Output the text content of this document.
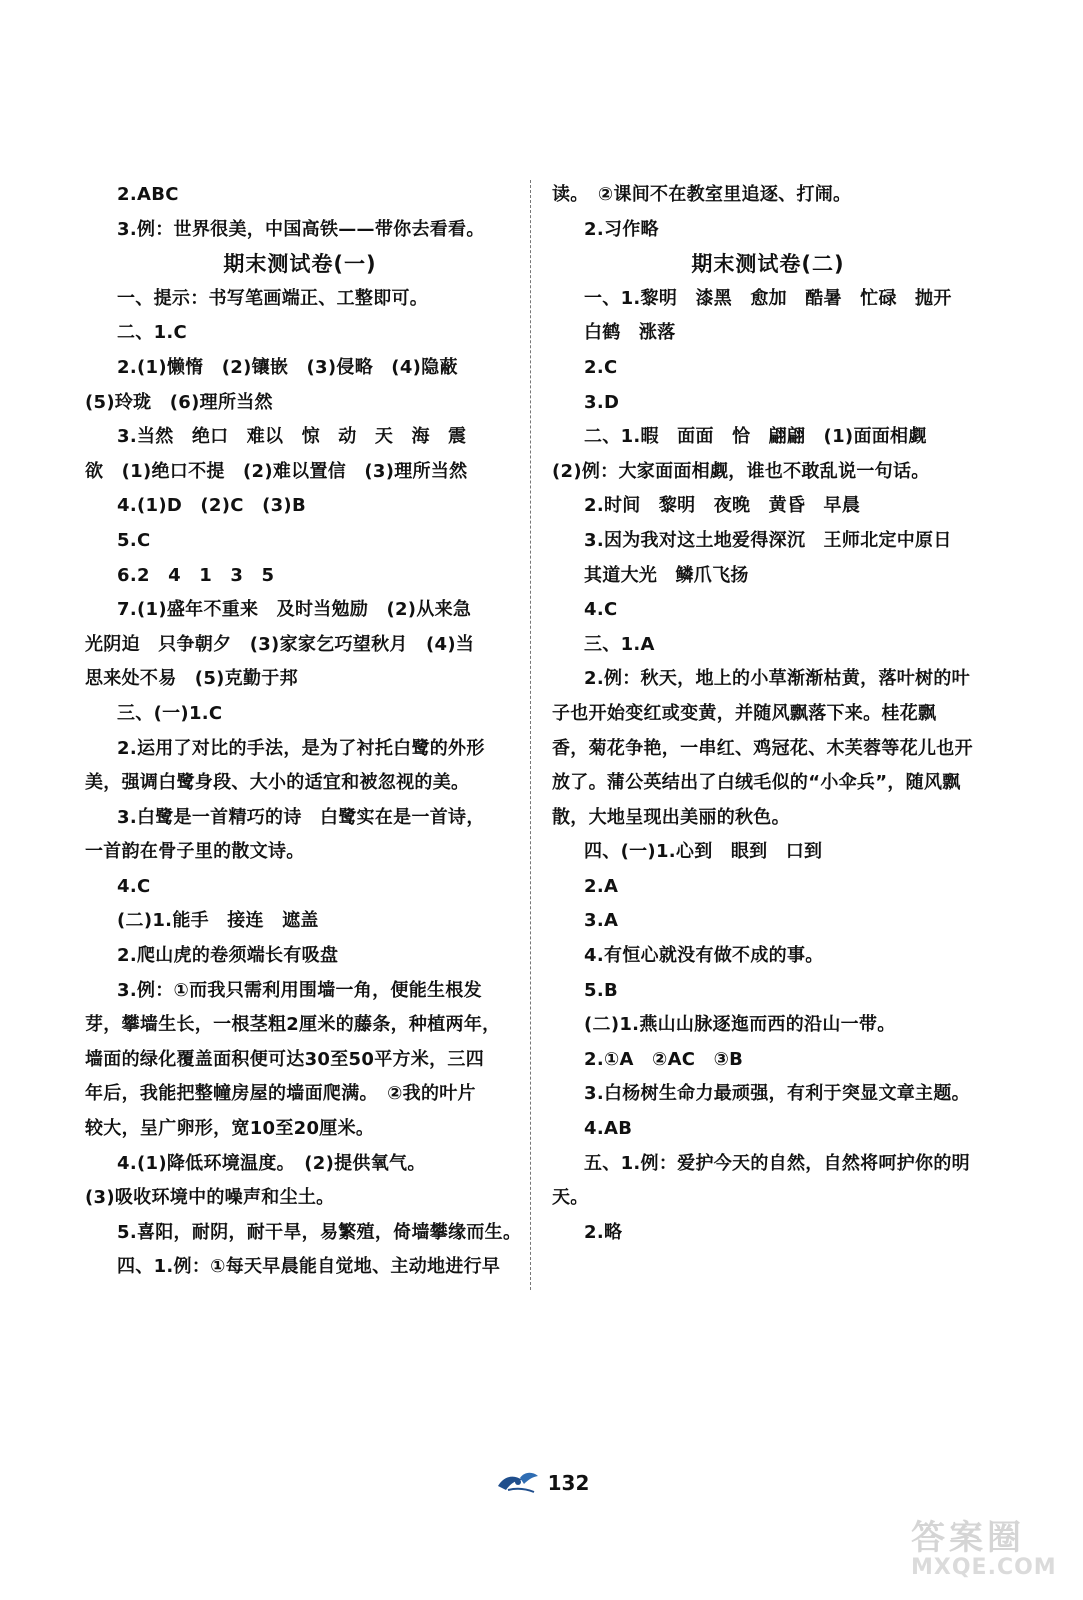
2.ABC
3.例：世界很美，中国高铁——带你去看看。
期末测试卷(一)
一、提示：书写笔画端正、工整即可。
二、1.C
2.(1)懒惰　(2)镶嵌　(3)侵略　(4)隐蔽
(5)玲珑　(6)理所当然
3.当然　绝口　难以　惊　动　天　海　震
欲　(1)绝口不提　(2)难以置信　(3)理所当然
4.(1)D　(2)C　(3)B
5.C
6.2　4　1　3　5
7.(1)盛年不重来　及时当勉励　(2)从来急
光阴迫　只争朝夕　(3)家家乞巧望秋月　(4)当
思来处不易　(5)克勤于邦
三、(一)1.C
2.运用了对比的手法，是为了衬托白鹭的外形
美，强调白鹭身段、大小的适宜和被忽视的美。
3.白鹭是一首精巧的诗　白鹭实在是一首诗，
一首韵在骨子里的散文诗。
4.C
(二)1.能手　接连　遮盖
2.爬山虎的卷须端长有吸盘
3.例：①而我只需利用围墙一角，便能生根发
芽，攀墙生长，一根茎粗2厘米的藤条，种植两年，
墙面的绿化覆盖面积便可达30至50平方米，三四
年后，我能把整幢房屋的墙面爬满。　②我的叶片
较大，呈广卵形，宽10至20厘米。
4.(1)降低环境温度。　(2)提供氧气。
(3)吸收环境中的噪声和尘土。
5.喜阳，耐阴，耐干旱，易繁殖，倚墙攀缘而生。
四、1.例：①每天早晨能自觉地、主动地进行早
读。　②课间不在教室里追逐、打闹。
2.习作略
期末测试卷(二)
一、1.黎明　漆黑　愈加　酷暑　忙碌　抛开
白鹤　涨落
2.C
3.D
二、1.暇　面面　恰　翩翩　(1)面面相觑
(2)例：大家面面相觑，谁也不敢乱说一句话。
2.时间　黎明　夜晚　黄昏　早晨
3.因为我对这土地爱得深沉　王师北定中原日
其道大光　鳞爪飞扬
4.C
三、1.A
2.例：秋天，地上的小草渐渐枯黄，落叶树的叶
子也开始变红或变黄，并随风飘落下来。桂花飘
香，菊花争艳，一串红、鸡冠花、木芙蓉等花儿也开
放了。蒲公英结出了白绒毛似的“小伞兵”，随风飘
散，大地呈现出美丽的秋色。
四、(一)1.心到　眼到　口到
2.A
3.A
4.有恒心就没有做不成的事。
5.B
(二)1.燕山山脉逐迤而西的沿山一带。
2.①A　②AC　③B
3.白杨树生命力最顽强，有利于突显文章主题。
4.AB
五、1.例：爱护今天的自然，自然将呵护你的明
天。
2.略
132
答案圈
MXQE.COM
